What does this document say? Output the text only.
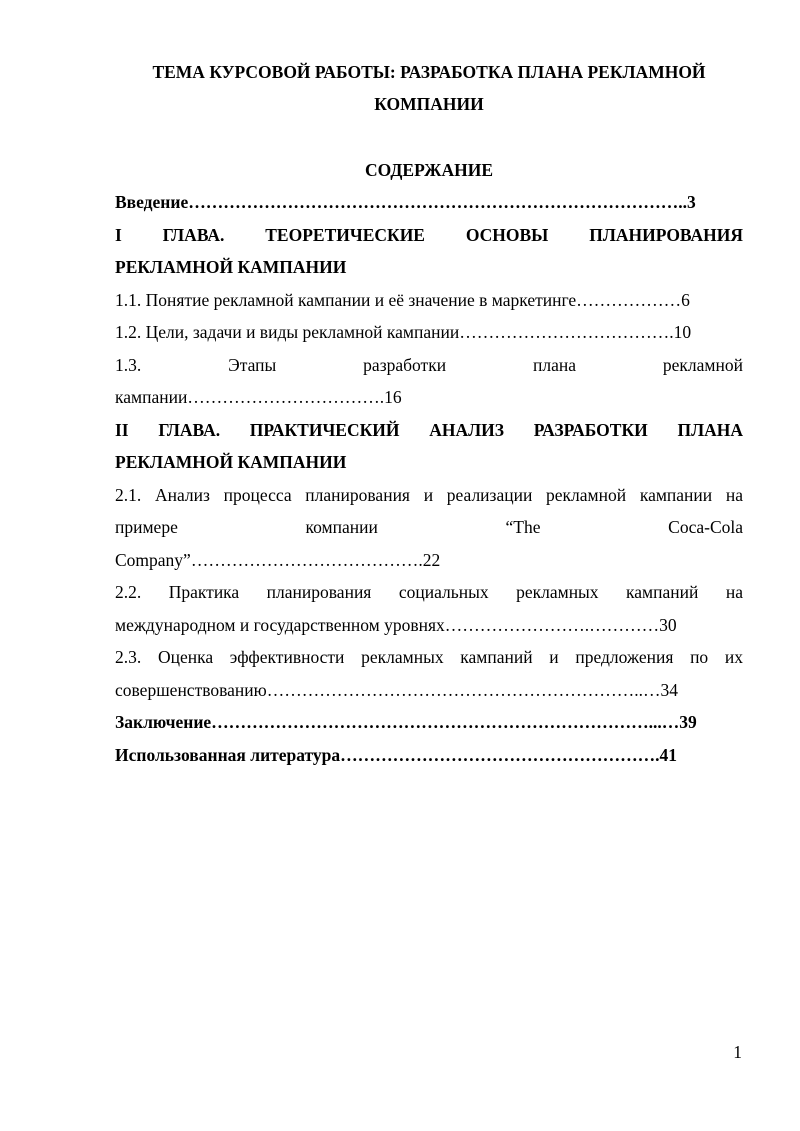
ТЕМА КУРСОВОЙ РАБОТЫ: РАЗРАБОТКА ПЛАНА РЕКЛАМНОЙ
КОМПАНИИ
СОДЕРЖАНИЕ

Введение…………………………………………………………………………..3

I ГЛАВА. ТЕОРЕТИЧЕСКИЕ ОСНОВЫ ПЛАНИРОВАНИЯ

РЕКЛАМНОЙ КАМПАНИИ

1.1. Понятие рекламной кампании и её значение в маркетинге………………6

1.2. Цели, задачи и виды рекламной кампании……………………………….10

1.3. Этапы разработки плана рекламной

кампании…………………………….16

II ГЛАВА. ПРАКТИЧЕСКИЙ АНАЛИЗ РАЗРАБОТКИ ПЛАНА

РЕКЛАМНОЙ КАМПАНИИ

2.1. Анализ процесса планирования и реализации рекламной кампании на

примере компании “The Coca-Cola

Company”………………………………….22

2.2. Практика планирования социальных рекламных кампаний на

международном и государственном уровнях…………………….…………30

2.3. Оценка эффективности рекламных кампаний и предложения по их

совершенствованию………………………………………………………..…34

Заключение…………………………………………………………………...…39

Использованная литература……………………………………………….41

1
